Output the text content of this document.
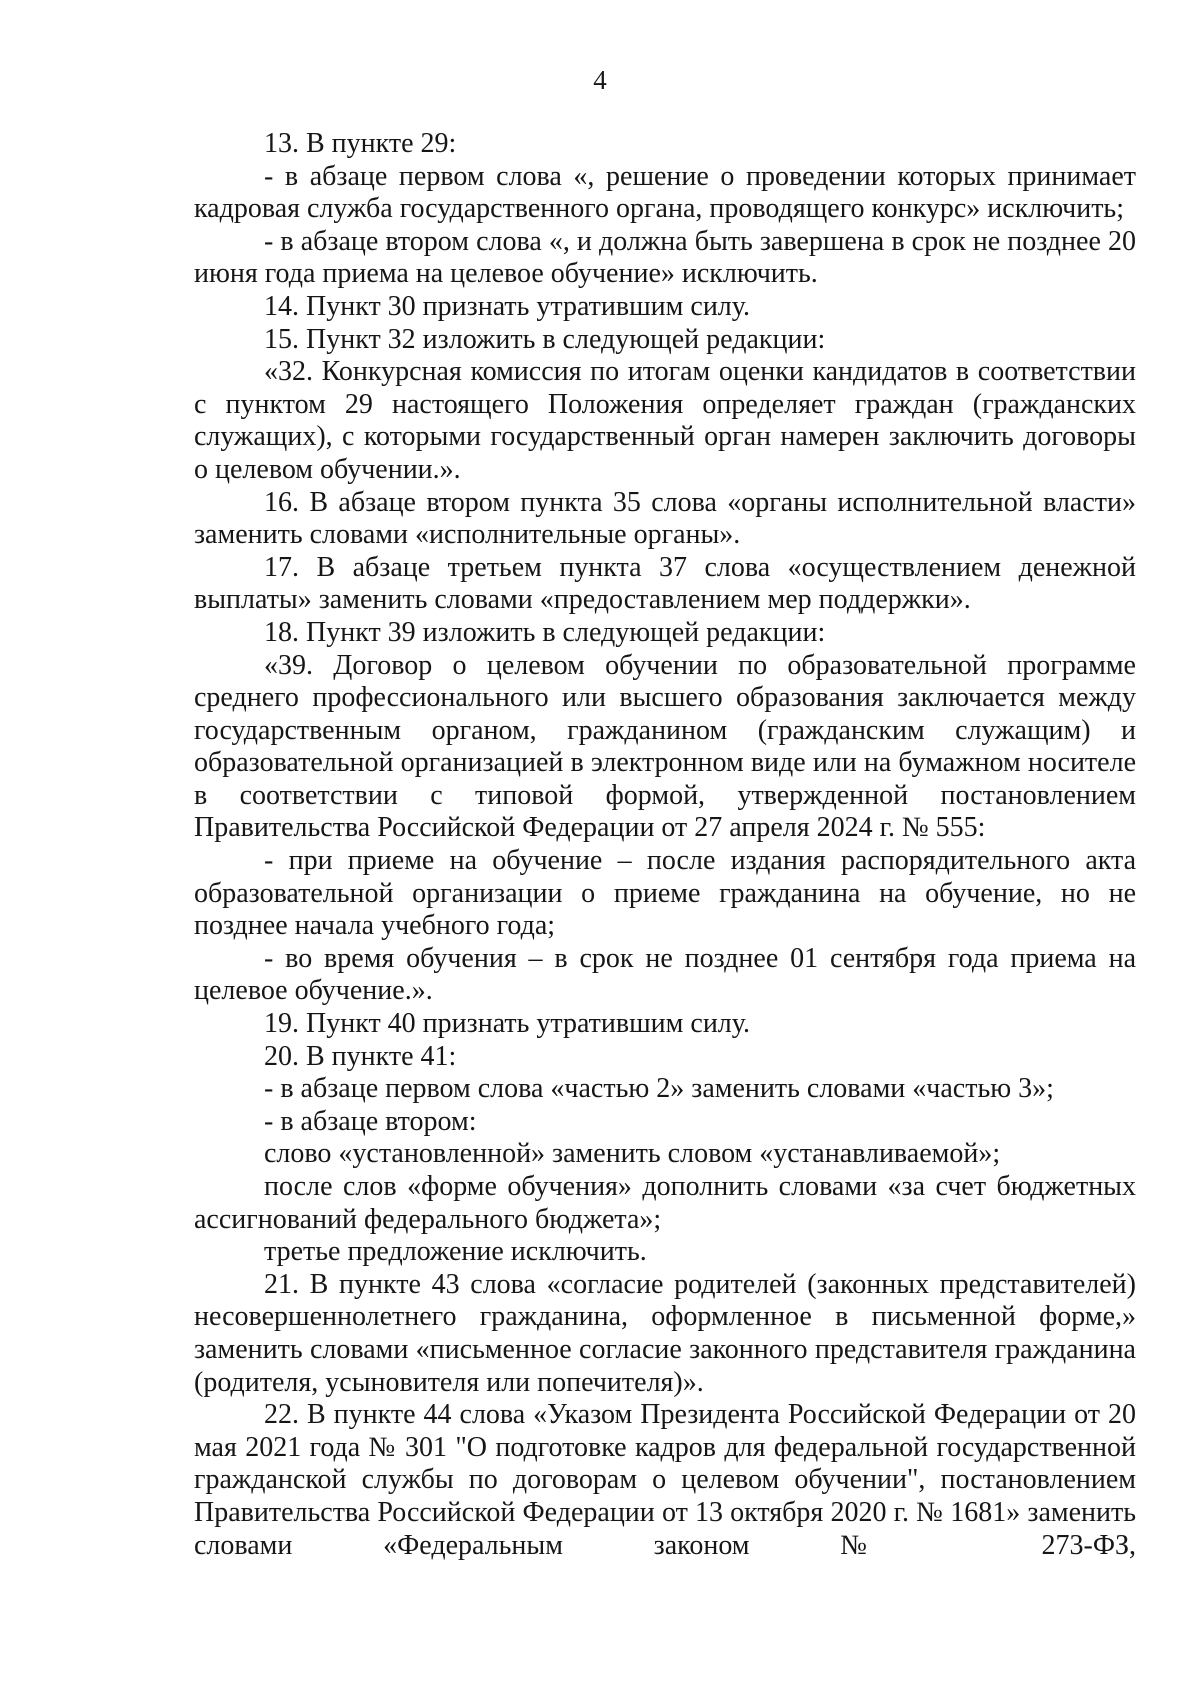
4

13. В пункте 29:

- в абзаце первом слова «, решение о проведении которых принимает кадровая служба государственного органа, проводящего конкурс» исключить;

- в абзаце втором слова «, и должна быть завершена в срок не позднее 20 июня года приема на целевое обучение» исключить.

14. Пункт 30 признать утратившим силу.

15. Пункт 32 изложить в следующей редакции:

«32. Конкурсная комиссия по итогам оценки кандидатов в соответствии с пунктом 29 настоящего Положения определяет граждан (гражданских служащих), с которыми государственный орган намерен заключить договоры о целевом обучении.».

16. В абзаце втором пункта 35 слова «органы исполнительной власти» заменить словами «исполнительные органы».

17. В абзаце третьем пункта 37 слова «осуществлением денежной выплаты» заменить словами «предоставлением мер поддержки».

18. Пункт 39 изложить в следующей редакции:

«39. Договор о целевом обучении по образовательной программе среднего профессионального или высшего образования заключается между государственным органом, гражданином (гражданским служащим) и образовательной организацией в электронном виде или на бумажном носителе в соответствии с типовой формой, утвержденной постановлением Правительства Российской Федерации от 27 апреля 2024 г. № 555:

- при приеме на обучение – после издания распорядительного акта образовательной организации о приеме гражданина на обучение, но не позднее начала учебного года;

- во время обучения – в срок не позднее 01 сентября года приема на целевое обучение.».

19. Пункт 40 признать утратившим силу.

20. В пункте 41:

- в абзаце первом слова «частью 2» заменить словами «частью 3»;

- в абзаце втором:

слово «установленной» заменить словом «устанавливаемой»;

после слов «форме обучения» дополнить словами «за счет бюджетных ассигнований федерального бюджета»;

третье предложение исключить.

21. В пункте 43 слова «согласие родителей (законных представителей) несовершеннолетнего гражданина, оформленное в письменной форме,» заменить словами «письменное согласие законного представителя гражданина (родителя, усыновителя или попечителя)».

22. В пункте 44 слова «Указом Президента Российской Федерации от 20 мая 2021 года № 301 "О подготовке кадров для федеральной государственной гражданской службы по договорам о целевом обучении", постановлением Правительства Российской Федерации от 13 октября 2020 г. № 1681» заменить словами «Федеральным законом № 273-ФЗ,
